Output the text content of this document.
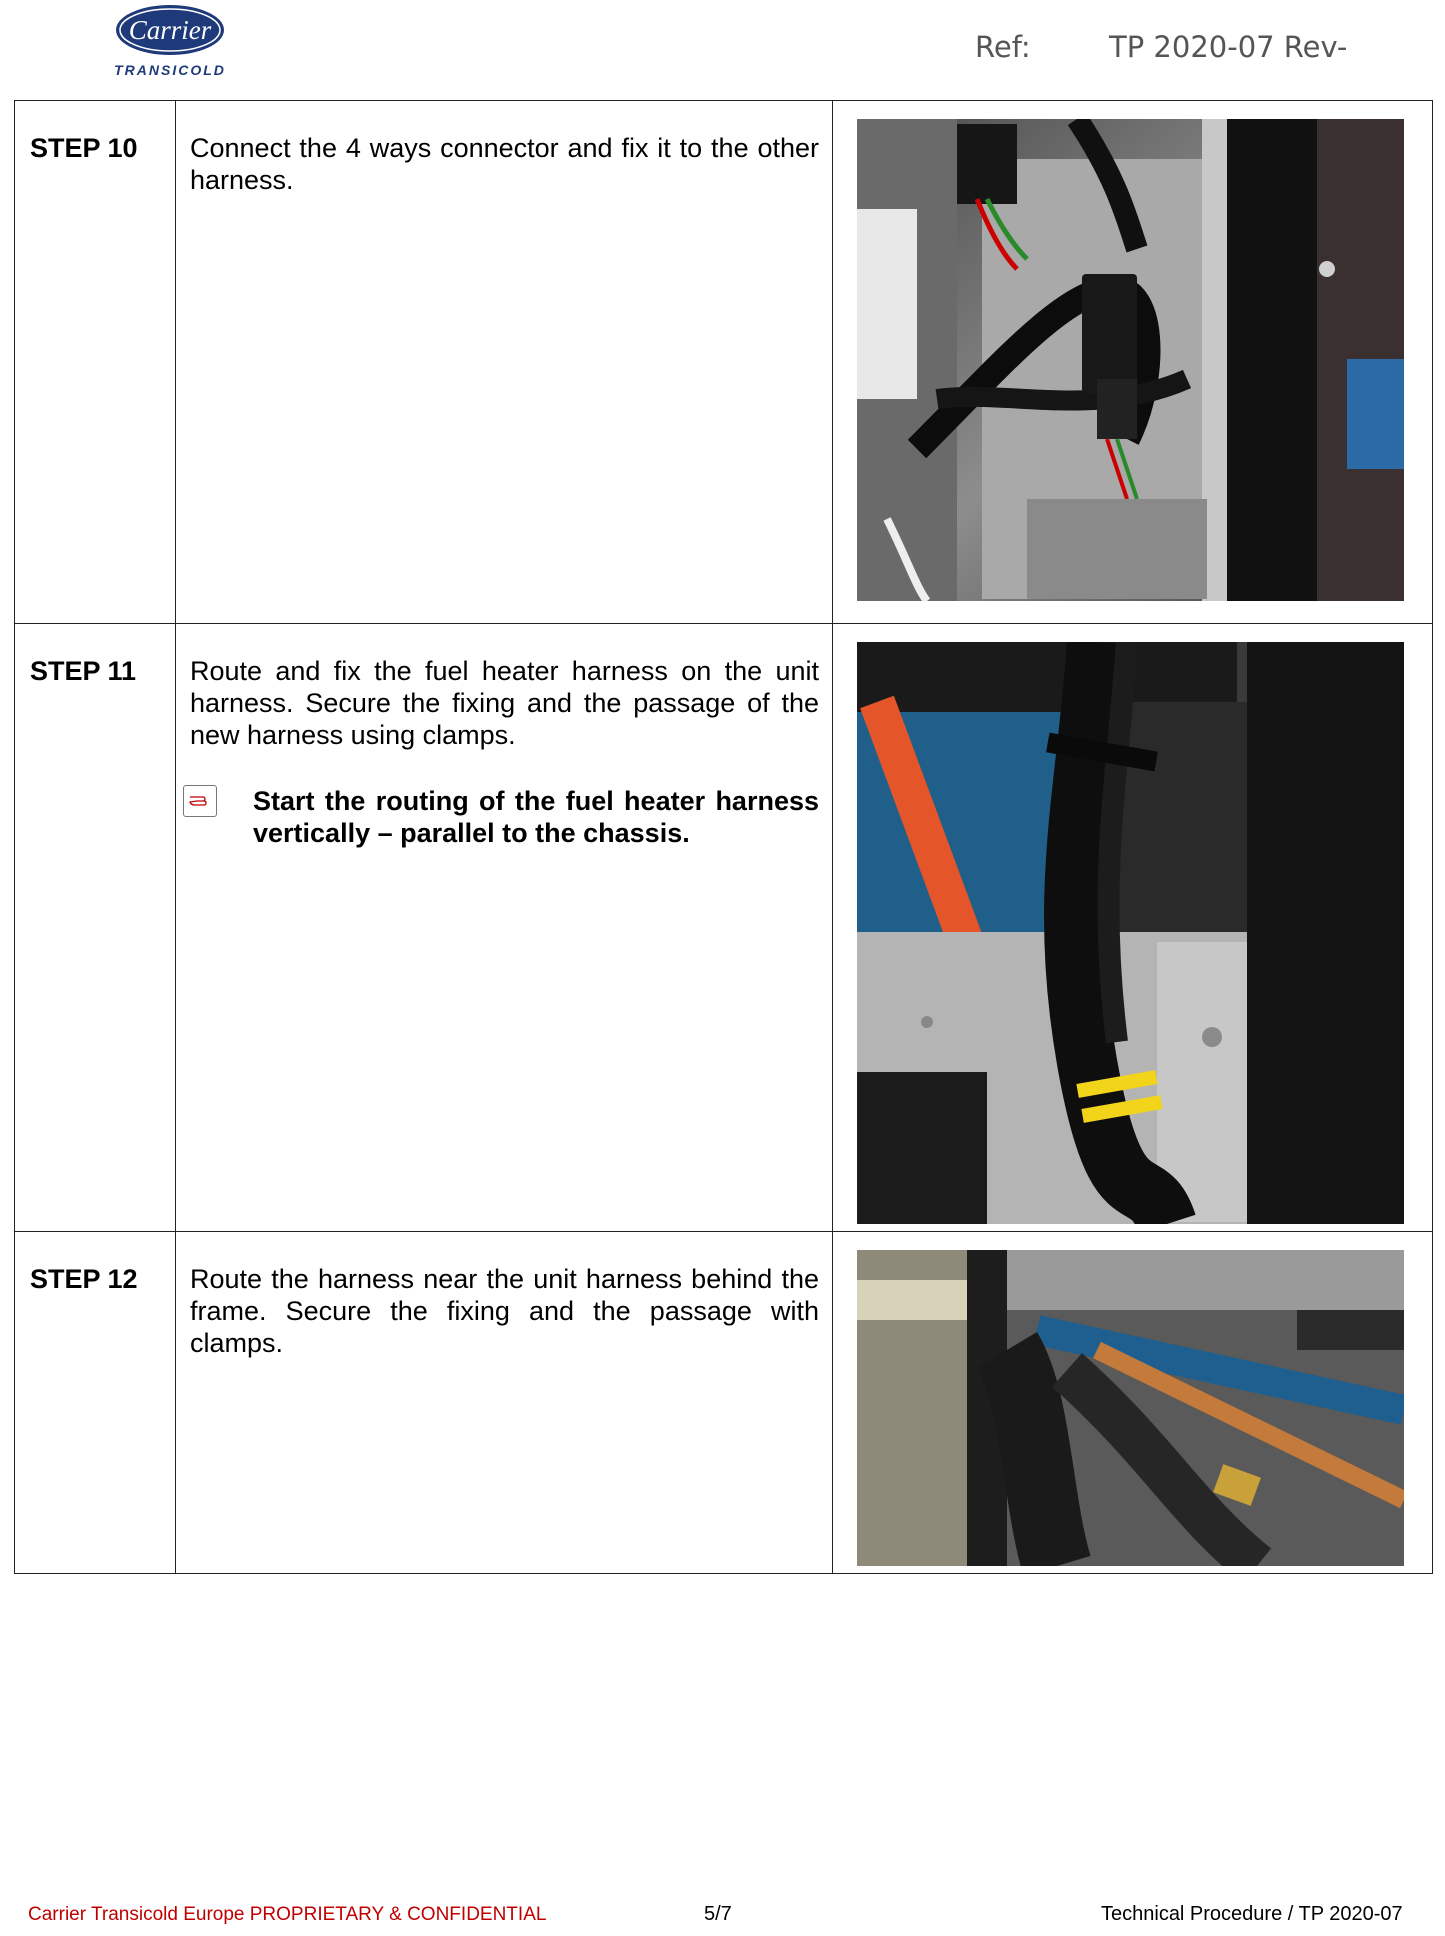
Carrier
TRANSICOLD
Ref:	TP 2020-07 Rev-
STEP 10	Connect the 4 ways connector and fix it to the other harness.

STEP 11	Route and fix the fuel heater harness on the unit harness. Secure the fixing and the passage of the new harness using clamps.
Start the routing of the fuel heater harness vertically – parallel to the chassis.

STEP 12	Route the harness near the unit harness behind the frame. Secure the fixing and the passage with clamps.

Carrier Transicold Europe PROPRIETARY & CONFIDENTIAL	5/7	Technical Procedure / TP 2020-07
